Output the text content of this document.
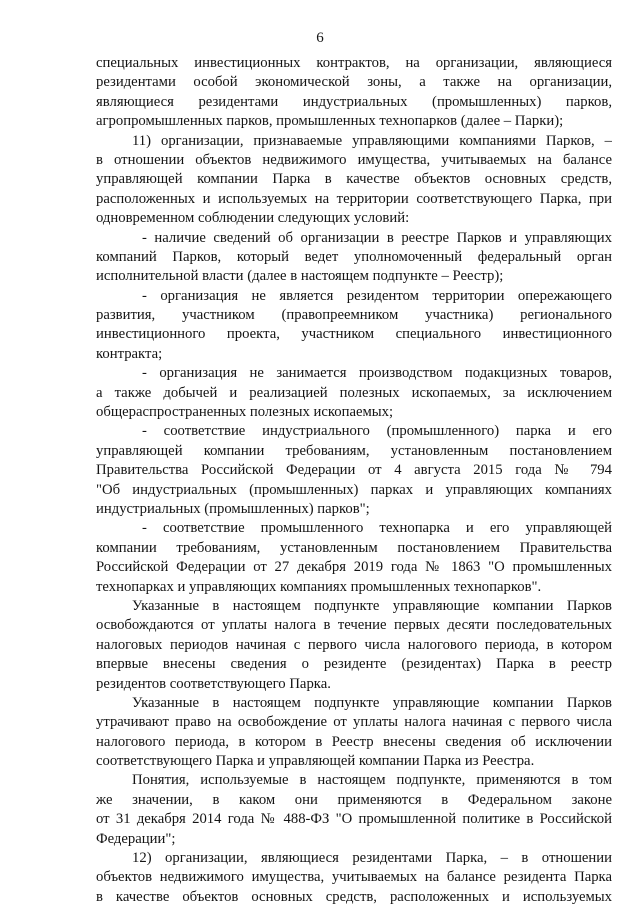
6
специальных инвестиционных контрактов, на организации, являющиеся
резидентами особой экономической зоны, а также на организации,
являющиеся резидентами индустриальных (промышленных) парков,
агропромышленных парков, промышленных технопарков (далее – Парки);
11) организации, признаваемые управляющими компаниями Парков, –
в отношении объектов недвижимого имущества, учитываемых на балансе
управляющей компании Парка в качестве объектов основных средств,
расположенных и используемых на территории соответствующего Парка, при
одновременном соблюдении следующих условий:
- наличие сведений об организации в реестре Парков и управляющих
компаний Парков, который ведет уполномоченный федеральный орган
исполнительной власти (далее в настоящем подпункте – Реестр);
- организация не является резидентом территории опережающего
развития, участником (правопреемником участника) регионального
инвестиционного проекта, участником специального инвестиционного
контракта;
- организация не занимается производством подакцизных товаров,
а также добычей и реализацией полезных ископаемых, за исключением
общераспространенных полезных ископаемых;
- соответствие индустриального (промышленного) парка и его
управляющей компании требованиям, установленным постановлением
Правительства Российской Федерации от 4 августа 2015 года № 794
"Об индустриальных (промышленных) парках и управляющих компаниях
индустриальных (промышленных) парков";
- соответствие промышленного технопарка и его управляющей
компании требованиям, установленным постановлением Правительства
Российской Федерации от 27 декабря 2019 года № 1863 "О промышленных
технопарках и управляющих компаниях промышленных технопарков".
Указанные в настоящем подпункте управляющие компании Парков
освобождаются от уплаты налога в течение первых десяти последовательных
налоговых периодов начиная с первого числа налогового периода, в котором
впервые внесены сведения о резиденте (резидентах) Парка в реестр
резидентов соответствующего Парка.
Указанные в настоящем подпункте управляющие компании Парков
утрачивают право на освобождение от уплаты налога начиная с первого числа
налогового периода, в котором в Реестр внесены сведения об исключении
соответствующего Парка и управляющей компании Парка из Реестра.
Понятия, используемые в настоящем подпункте, применяются в том
же значении, в каком они применяются в Федеральном законе
от 31 декабря 2014 года № 488-ФЗ "О промышленной политике в Российской
Федерации";
12) организации, являющиеся резидентами Парка, – в отношении
объектов недвижимого имущества, учитываемых на балансе резидента Парка
в качестве объектов основных средств, расположенных и используемых
